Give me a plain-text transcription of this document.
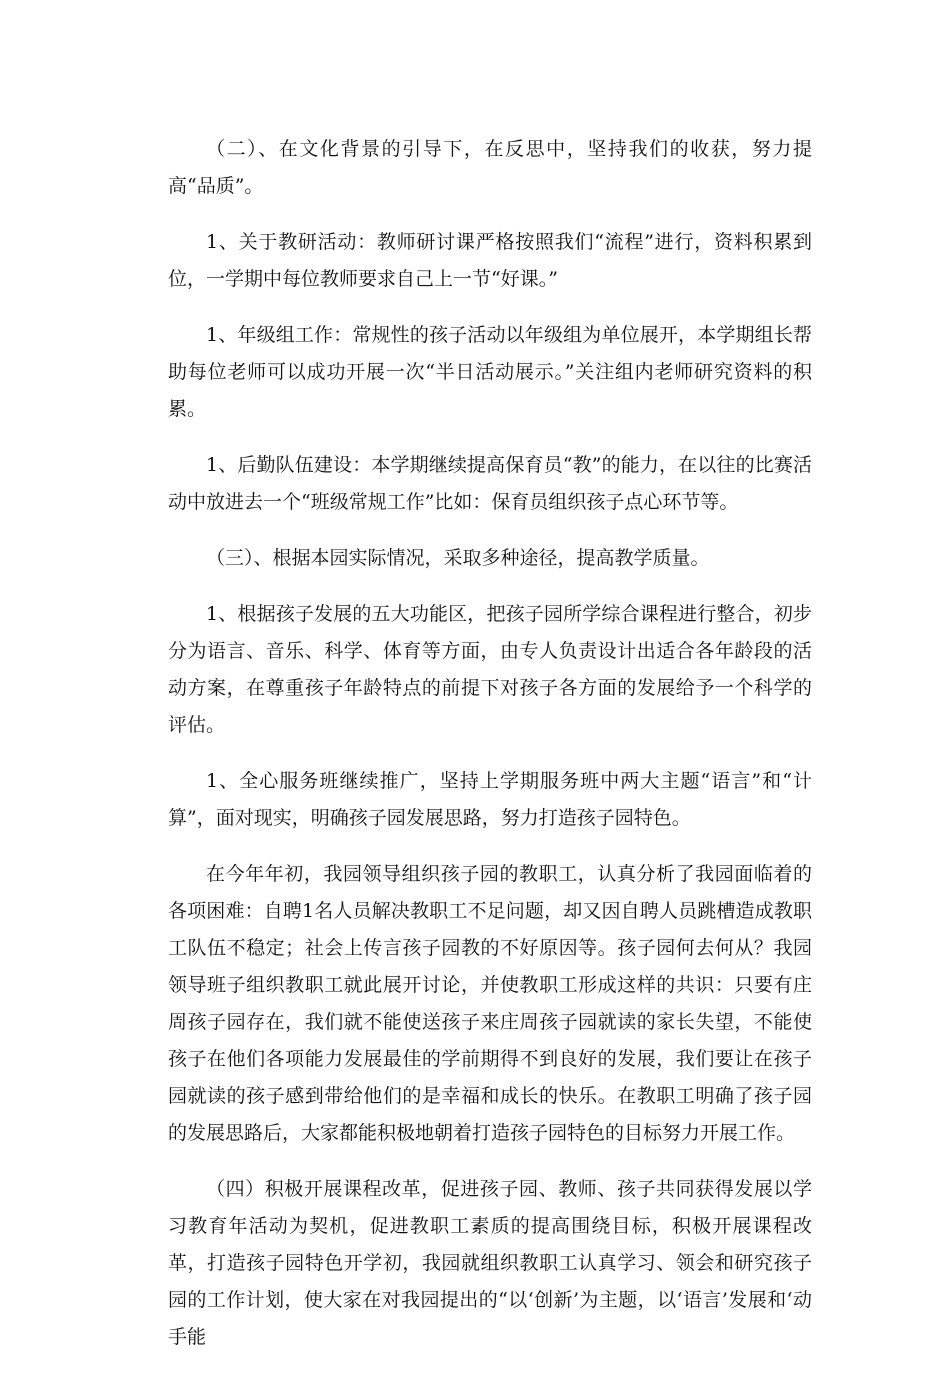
（二）、在文化背景的引导下，在反思中，坚持我们的收获，努力提高“品质”。

1、关于教研活动：教师研讨课严格按照我们“流程”进行，资料积累到位，一学期中每位教师要求自己上一节“好课。”

1、年级组工作：常规性的孩子活动以年级组为单位展开，本学期组长帮助每位老师可以成功开展一次“半日活动展示。”关注组内老师研究资料的积累。

1、后勤队伍建设：本学期继续提高保育员“教”的能力，在以往的比赛活动中放进去一个“班级常规工作”比如：保育员组织孩子点心环节等。

（三）、根据本园实际情况，采取多种途径，提高教学质量。

1、根据孩子发展的五大功能区，把孩子园所学综合课程进行整合，初步分为语言、音乐、科学、体育等方面，由专人负责设计出适合各年龄段的活动方案，在尊重孩子年龄特点的前提下对孩子各方面的发展给予一个科学的评估。

1、全心服务班继续推广，坚持上学期服务班中两大主题“语言”和“计算”，面对现实，明确孩子园发展思路，努力打造孩子园特色。

在今年年初，我园领导组织孩子园的教职工，认真分析了我园面临着的各项困难：自聘1名人员解决教职工不足问题，却又因自聘人员跳槽造成教职工队伍不稳定；社会上传言孩子园教的不好原因等。孩子园何去何从？我园领导班子组织教职工就此展开讨论，并使教职工形成这样的共识：只要有庄周孩子园存在，我们就不能使送孩子来庄周孩子园就读的家长失望，不能使孩子在他们各项能力发展最佳的学前期得不到良好的发展，我们要让在孩子园就读的孩子感到带给他们的是幸福和成长的快乐。在教职工明确了孩子园的发展思路后，大家都能积极地朝着打造孩子园特色的目标努力开展工作。

（四）积极开展课程改革，促进孩子园、教师、孩子共同获得发展以学习教育年活动为契机，促进教职工素质的提高围绕目标，积极开展课程改革，打造孩子园特色开学初，我园就组织教职工认真学习、领会和研究孩子园的工作计划，使大家在对我园提出的“以‘创新’为主题，以‘语言’发展和‘动手能
